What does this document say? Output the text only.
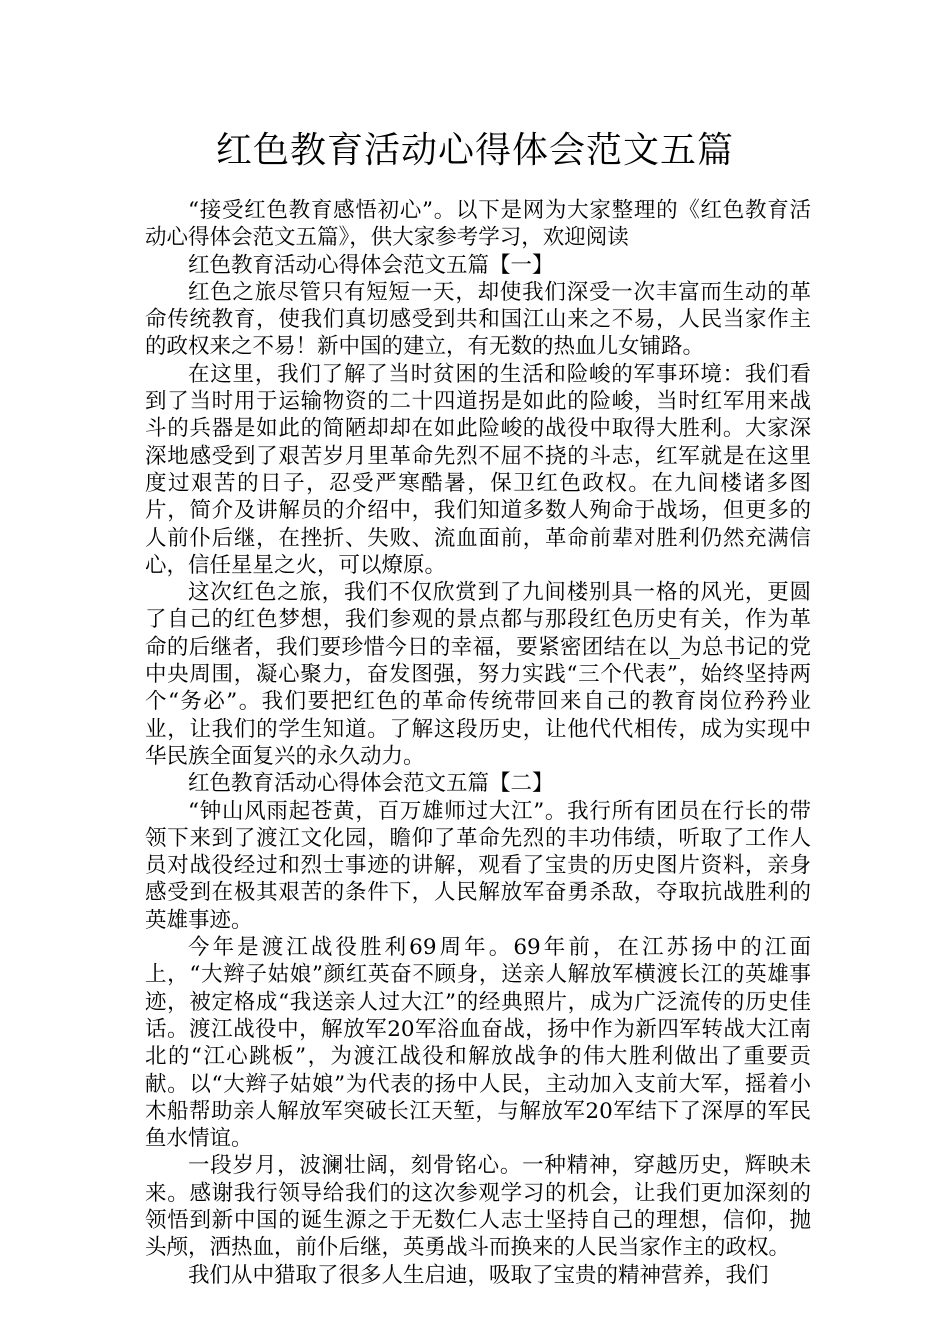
红色教育活动心得体会范文五篇

“接受红色教育感悟初心”。以下是网为大家整理的《红色教育活动心得体会范文五篇》，供大家参考学习，欢迎阅读

红色教育活动心得体会范文五篇【一】

红色之旅尽管只有短短一天，却使我们深受一次丰富而生动的革命传统教育，使我们真切感受到共和国江山来之不易，人民当家作主的政权来之不易！新中国的建立，有无数的热血儿女铺路。

在这里，我们了解了当时贫困的生活和险峻的军事环境：我们看到了当时用于运输物资的二十四道拐是如此的险峻，当时红军用来战斗的兵器是如此的简陋却却在如此险峻的战役中取得大胜利。大家深深地感受到了艰苦岁月里革命先烈不屈不挠的斗志，红军就是在这里度过艰苦的日子，忍受严寒酷暑，保卫红色政权。在九间楼诸多图片，简介及讲解员的介绍中，我们知道多数人殉命于战场，但更多的人前仆后继，在挫折、失败、流血面前，革命前辈对胜利仍然充满信心，信任星星之火，可以燎原。

这次红色之旅，我们不仅欣赏到了九间楼别具一格的风光，更圆了自己的红色梦想，我们参观的景点都与那段红色历史有关，作为革命的后继者，我们要珍惜今日的幸福，要紧密团结在以_为总书记的党中央周围，凝心聚力，奋发图强，努力实践“三个代表”，始终坚持两个“务必”。我们要把红色的革命传统带回来自己的教育岗位矜矜业业，让我们的学生知道。了解这段历史，让他代代相传，成为实现中华民族全面复兴的永久动力。

红色教育活动心得体会范文五篇【二】

“钟山风雨起苍黄，百万雄师过大江”。我行所有团员在行长的带领下来到了渡江文化园，瞻仰了革命先烈的丰功伟绩，听取了工作人员对战役经过和烈士事迹的讲解，观看了宝贵的历史图片资料，亲身感受到在极其艰苦的条件下，人民解放军奋勇杀敌，夺取抗战胜利的英雄事迹。

今年是渡江战役胜利69周年。69年前，在江苏扬中的江面上，“大辫子姑娘”颜红英奋不顾身，送亲人解放军横渡长江的英雄事迹，被定格成“我送亲人过大江”的经典照片，成为广泛流传的历史佳话。渡江战役中，解放军20军浴血奋战，扬中作为新四军转战大江南北的“江心跳板”，为渡江战役和解放战争的伟大胜利做出了重要贡献。以“大辫子姑娘”为代表的扬中人民，主动加入支前大军，摇着小木船帮助亲人解放军突破长江天堑，与解放军20军结下了深厚的军民鱼水情谊。

一段岁月，波澜壮阔，刻骨铭心。一种精神，穿越历史，辉映未来。感谢我行领导给我们的这次参观学习的机会，让我们更加深刻的领悟到新中国的诞生源之于无数仁人志士坚持自己的理想，信仰，抛头颅，洒热血，前仆后继，英勇战斗而换来的人民当家作主的政权。

我们从中猎取了很多人生启迪，吸取了宝贵的精神营养，我们
